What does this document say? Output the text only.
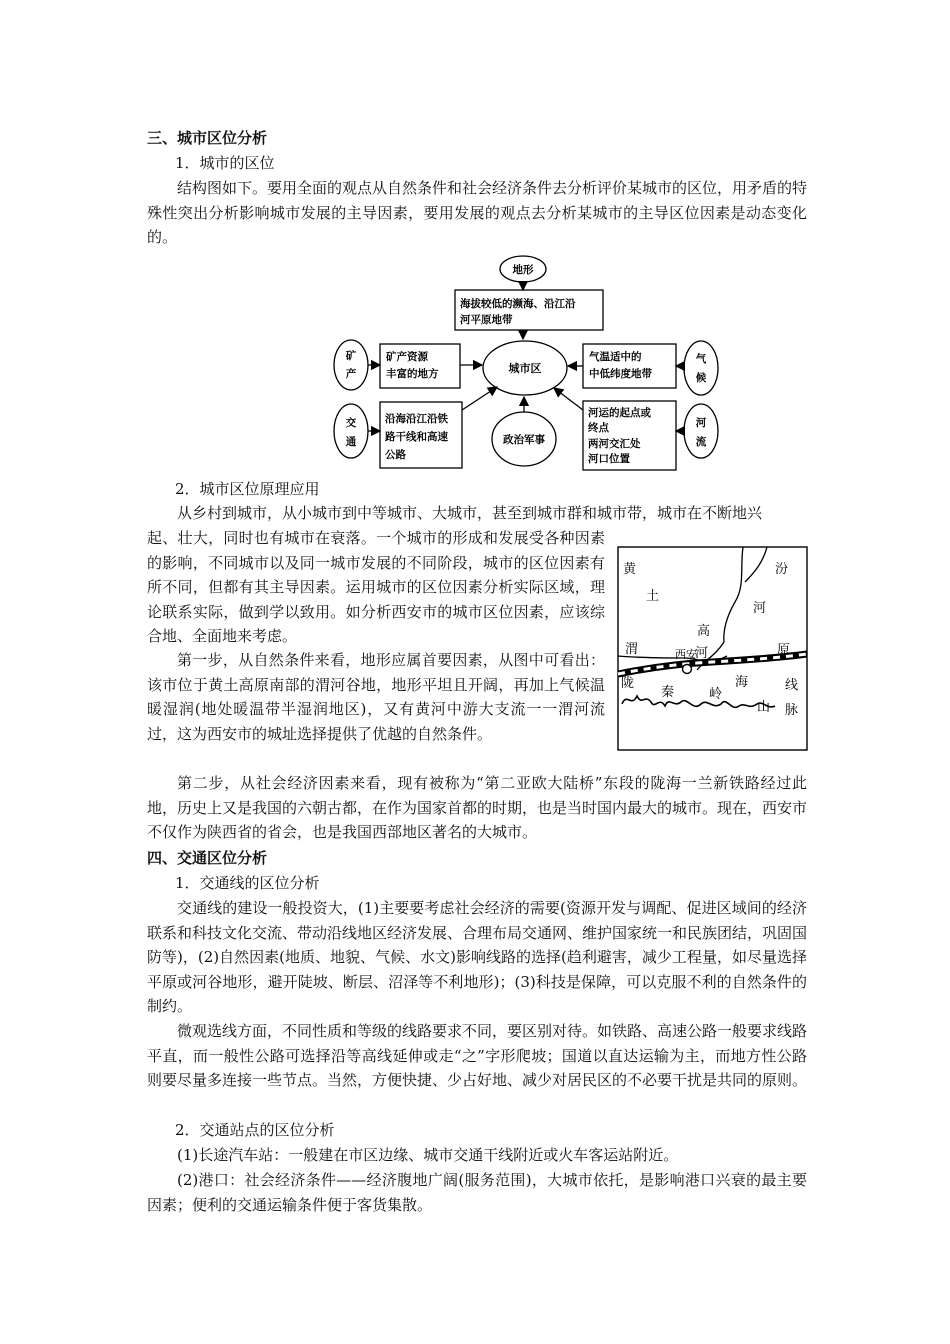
三、城市区位分析
1．城市的区位

结构图如下。要用全面的观点从自然条件和社会经济条件去分析评价某城市的区位，用矛盾的特殊性突出分析影响城市发展的主导因素，要用发展的观点去分析某城市的主导区位因素是动态变化的。

地形
海拔较低的濒海、沿江沿
河平原地带
城市区
矿
产
矿产资源
丰富的地方
气温适中的
中低纬度地带
气
候
交
通
沿海沿江沿铁
路干线和高速
公路
政治军事
河运的起点或
终点
两河交汇处
河口位置
河
流
2．城市区位原理应用

从乡村到城市，从小城市到中等城市、大城市，甚至到城市群和城市带，城市在不断地兴

起、壮大，同时也有城市在衰落。一个城市的形成和发展受各种因素的影响，不同城市以及同一城市发展的不同阶段，城市的区位因素有所不同，但都有其主导因素。运用城市的区位因素分析实际区域，理论联系实际，做到学以致用。如分析西安市的城市区位因素，应该综合地、全面地来考虑。

第一步，从自然条件来看，地形应属首要因素，从图中可看出：该市位于黄土高原南部的渭河谷地，地形平坦且开阔，再加上气候温暖湿润(地处暖温带半湿润地区)，又有黄河中游大支流一一渭河流过，这为西安市的城址选择提供了优越的自然条件。

黄
土
高
河
汾
河
原
渭	西安
陇	海	线
秦	岭
山 脉

第二步，从社会经济因素来看，现有被称为“第二亚欧大陆桥”东段的陇海一兰新铁路经过此地，历史上又是我国的六朝古都，在作为国家首都的时期，也是当时国内最大的城市。现在，西安市不仅作为陕西省的省会，也是我国西部地区著名的大城市。

四、交通区位分析
1．交通线的区位分析

交通线的建设一般投资大，(1)主要要考虑社会经济的需要(资源开发与调配、促进区域间的经济联系和科技文化交流、带动沿线地区经济发展、合理布局交通网、维护国家统一和民族团结，巩固国防等)，(2)自然因素(地质、地貌、气候、水文)影响线路的选择(趋利避害，减少工程量，如尽量选择平原或河谷地形，避开陡坡、断层、沼泽等不利地形)；(3)科技是保障，可以克服不利的自然条件的制约。

微观选线方面，不同性质和等级的线路要求不同，要区别对待。如铁路、高速公路一般要求线路平直，而一般性公路可选择沿等高线延伸或走“之”字形爬坡；国道以直达运输为主，而地方性公路则要尽量多连接一些节点。当然，方便快捷、少占好地、减少对居民区的不必要干扰是共同的原则。

2．交通站点的区位分析

(1)长途汽车站：一般建在市区边缘、城市交通干线附近或火车客运站附近。

(2)港口：社会经济条件——经济腹地广阔(服务范围)，大城市依托，是影响港口兴衰的最主要因素；便利的交通运输条件便于客货集散。
